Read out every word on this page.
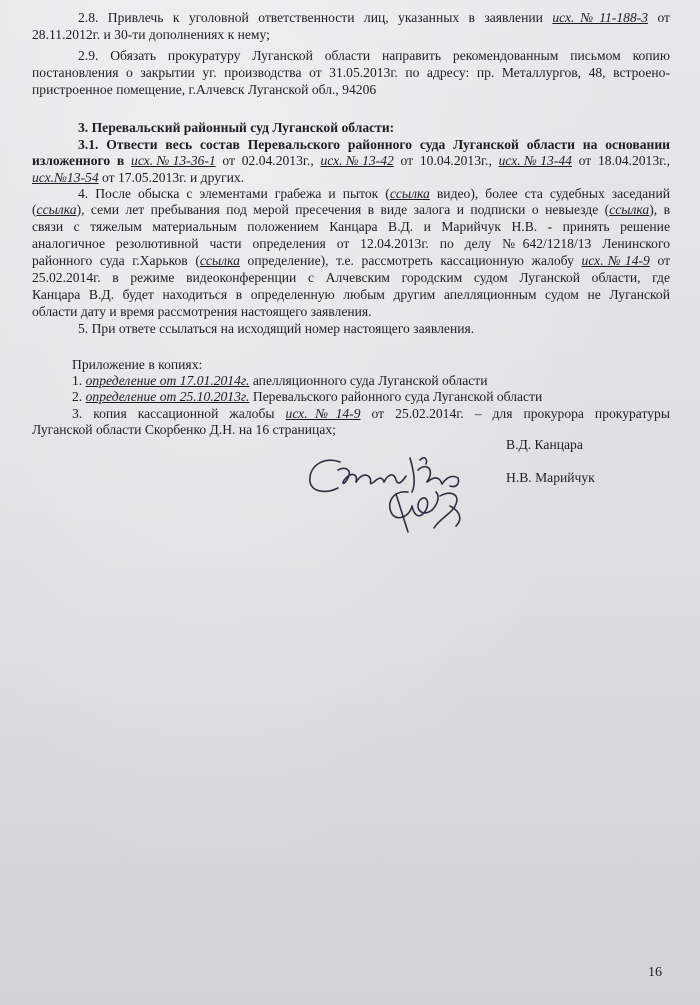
2.8. Привлечь к уголовной ответственности лиц, указанных в заявлении исх.№11-188-3 от
28.11.2012г. и 30-ти дополнениях к нему;
2.9. Обязать прокуратуру Луганской области направить рекомендованным письмом копию
постановления о закрытии уг. производства от 31.05.2013г. по адресу: пр. Металлургов, 48, встроено-
пристроенное помещение, г.Алчевск Луганской обл., 94206
3. Перевальский районный суд Луганской области:
3.1. Отвести весь состав Перевальского районного суда Луганской области на основании
изложенного в исх.№13-36-1 от 02.04.2013г., исх.№13-42 от 10.04.2013г., исх.№13-44 от 18.04.2013г.,
исх.№13-54 от 17.05.2013г. и других.
4. После обыска с элементами грабежа и пыток (ссылка видео), более ста судебных заседаний
(ссылка), семи лет пребывания под мерой пресечения в виде залога и подписки о невыезде (ссылка), в
связи с тяжелым материальным положением Канцара В.Д. и Марийчук Н.В. - принять решение
аналогичное резолютивной части определения от 12.04.2013г. по делу №642/1218/13 Ленинского
районного суда г.Харьков (ссылка определение), т.е. рассмотреть кассационную жалобу исх.№14-9 от
25.02.2014г. в режиме видеоконференции с Алчевским городским судом Луганской области, где
Канцара В.Д. будет находиться в определенную любым другим апелляционным судом не Луганской
области дату и время рассмотрения настоящего заявления.
5. При ответе ссылаться на исходящий номер настоящего заявления.
Приложение в копиях:
1. определение от 17.01.2014г. апелляционного суда Луганской области
2. определение от 25.10.2013г. Перевальского районного суда Луганской области
3. копия кассационной жалобы исх.№14-9 от 25.02.2014г. – для прокурора прокуратуры
Луганской области Скорбенко Д.Н. на 16 страницах;
В.Д. Канцара
Н.В. Марийчук
16
